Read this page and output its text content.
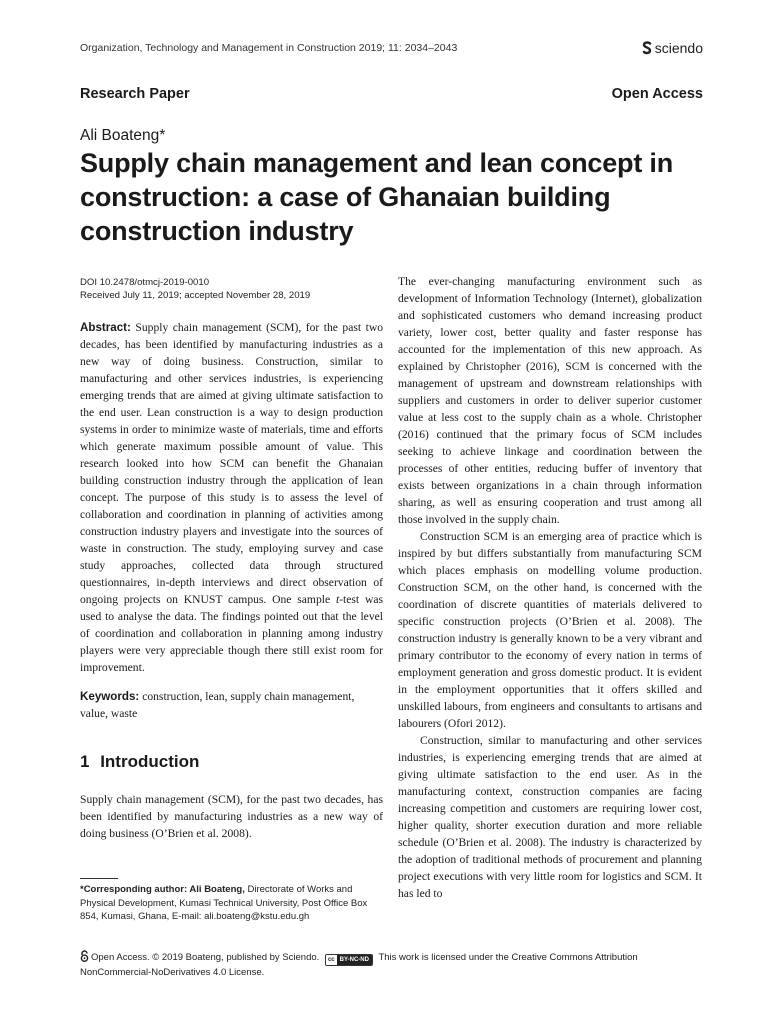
Organization, Technology and Management in Construction 2019; 11: 2034–2043	sciendo
Research Paper	Open Access
Ali Boateng*
Supply chain management and lean concept in construction: a case of Ghanaian building construction industry
DOI 10.2478/otmcj-2019-0010
Received July 11, 2019; accepted November 28, 2019

Abstract: Supply chain management (SCM), for the past two decades, has been identified by manufacturing industries as a new way of doing business. Construction, similar to manufacturing and other services industries, is experiencing emerging trends that are aimed at giving ultimate satisfaction to the end user. Lean construction is a way to design production systems in order to minimize waste of materials, time and efforts which generate maximum possible amount of value. This research looked into how SCM can benefit the Ghanaian building construction industry through the application of lean concept. The purpose of this study is to assess the level of collaboration and coordination in planning of activities among construction industry players and investigate into the sources of waste in construction. The study, employing survey and case study approaches, collected data through structured questionnaires, in-depth interviews and direct observation of ongoing projects on KNUST campus. One sample t-test was used to analyse the data. The findings pointed out that the level of coordination and collaboration in planning among industry players were very appreciable though there still exist room for improvement.

Keywords: construction, lean, supply chain management, value, waste

1 Introduction

Supply chain management (SCM), for the past two decades, has been identified by manufacturing industries as a new way of doing business (O’Brien et al. 2008).

*Corresponding author: Ali Boateng, Directorate of Works and Physical Development, Kumasi Technical University, Post Office Box 854, Kumasi, Ghana, E-mail: ali.boateng@kstu.edu.gh

The ever-changing manufacturing environment such as development of Information Technology (Internet), globalization and sophisticated customers who demand increasing product variety, lower cost, better quality and faster response has accounted for the implementation of this new approach. As explained by Christopher (2016), SCM is concerned with the management of upstream and downstream relationships with suppliers and customers in order to deliver superior customer value at less cost to the supply chain as a whole. Christopher (2016) continued that the primary focus of SCM includes seeking to achieve linkage and coordination between the processes of other entities, reducing buffer of inventory that exists between organizations in a chain through information sharing, as well as ensuring cooperation and trust among all those involved in the supply chain.

Construction SCM is an emerging area of practice which is inspired by but differs substantially from manufacturing SCM which places emphasis on modelling volume production. Construction SCM, on the other hand, is concerned with the coordination of discrete quantities of materials delivered to specific construction projects (O’Brien et al. 2008). The construction industry is generally known to be a very vibrant and primary contributor to the economy of every nation in terms of employment generation and gross domestic product. It is evident in the employment opportunities that it offers skilled and unskilled labours, from engineers and consultants to artisans and labourers (Ofori 2012).

Construction, similar to manufacturing and other services industries, is experiencing emerging trends that are aimed at giving ultimate satisfaction to the end user. As in the manufacturing context, construction companies are facing increasing competition and customers are requiring lower cost, higher quality, shorter execution duration and more reliable schedule (O’Brien et al. 2008). The industry is characterized by the adoption of traditional methods of procurement and planning project executions with very little room for logistics and SCM. It has led to

Open Access. © 2019 Boateng, published by Sciendo.	cc BY-NC-ND This work is licensed under the Creative Commons Attribution NonCommercial-NoDerivatives 4.0 License.
